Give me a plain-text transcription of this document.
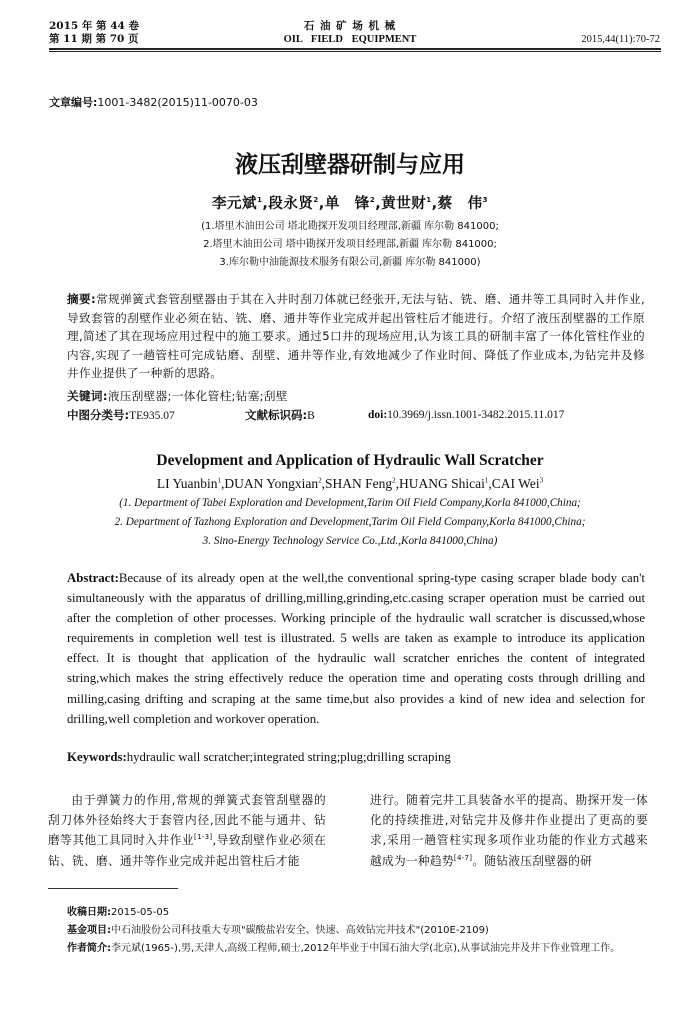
2015 年 第 44 卷
第 11 期 第 70 页
石 油 矿 场 机 械
OIL FIELD EQUIPMENT	2015,44(11):70-72
文章编号:1001-3482(2015)11-0070-03
液压刮壁器研制与应用
李元斌$^1$,段永贤$^2$,单　锋$^2$,黄世财$^1$,蔡　伟$^3$
(1.塔里木油田公司 塔北勘探开发项目经理部,新疆 库尔勒 841000;
2.塔里木油田公司 塔中勘探开发项目经理部,新疆 库尔勒 841000;
3.库尔勒中油能源技术服务有限公司,新疆 库尔勒 841000)
摘要:常规弹簧式套管刮壁器由于其在入井时刮刀体就已经张开,无法与钻、铣、磨、通井等工具同时入井作业,导致套管的刮壁作业必须在钻、铣、磨、通井等作业完成并起出管柱后才能进行。介绍了液压刮壁器的工作原理,简述了其在现场应用过程中的施工要求。通过5口井的现场应用,认为该工具的研制丰富了一体化管柱作业的内容,实现了一趟管柱可完成钻磨、刮壁、通井等作业,有效地减少了作业时间、降低了作业成本,为钻完井及修井作业提供了一种新的思路。
关键词:液压刮壁器;一体化管柱;钻塞;刮壁
中图分类号:TE935.07	文献标识码:B	doi:10.3969/j.issn.1001-3482.2015.11.017
Development and Application of Hydraulic Wall Scratcher
LI Yuanbin$^1$,DUAN Yongxian$^2$,SHAN Feng$^2$,HUANG Shicai$^1$,CAI Wei$^3$
(1. Department of Tabei Exploration and Development,Tarim Oil Field Company,Korla 841000,China;
2. Department of Tazhong Exploration and Development,Tarim Oil Field Company,Korla 841000,China;
3. Sino-Energy Technology Service Co.,Ltd.,Korla 841000,China)
Abstract:Because of its already open at the well,the conventional spring-type casing scraper blade body can't simultaneously with the apparatus of drilling,milling,grinding,etc.casing scraper operation must be carried out after the completion of other processes. Working principle of the hydraulic wall scratcher is discussed,whose requirements in completion well test is illustrated. 5 wells are taken as example to introduce its application effect. It is thought that application of the hydraulic wall scratcher enriches the content of integrated string,which makes the string effectively reduce the operation time and operating costs through drilling and milling,casing drifting and scraping at the same time,but also provides a kind of new idea and selection for drilling,well completion and workover operation.
Keywords:hydraulic wall scratcher;integrated string;plug;drilling scraping
由于弹簧力的作用,常规的弹簧式套管刮壁器的刮刀体外径始终大于套管内径,因此不能与通井、钻磨等其他工具同时入井作业[1-3],导致刮壁作业必须在钻、铣、磨、通井等作业完成并起出管柱后才能
进行。随着完井工具装备水平的提高、勘探开发一体化的持续推进,对钻完井及修井作业提出了更高的要求,采用一趟管柱实现多项作业功能的作业方式越来越成为一种趋势[4-7]。随钻液压刮壁器的研
收稿日期:2015-05-05
基金项目:中石油股份公司科技重大专项"碳酸盐岩安全、快速、高效钻完井技术"(2010E-2109)
作者简介:李元斌(1965-),男,天津人,高级工程师,硕士,2012年毕业于中国石油大学(北京),从事试油完井及井下作业管理工作。
